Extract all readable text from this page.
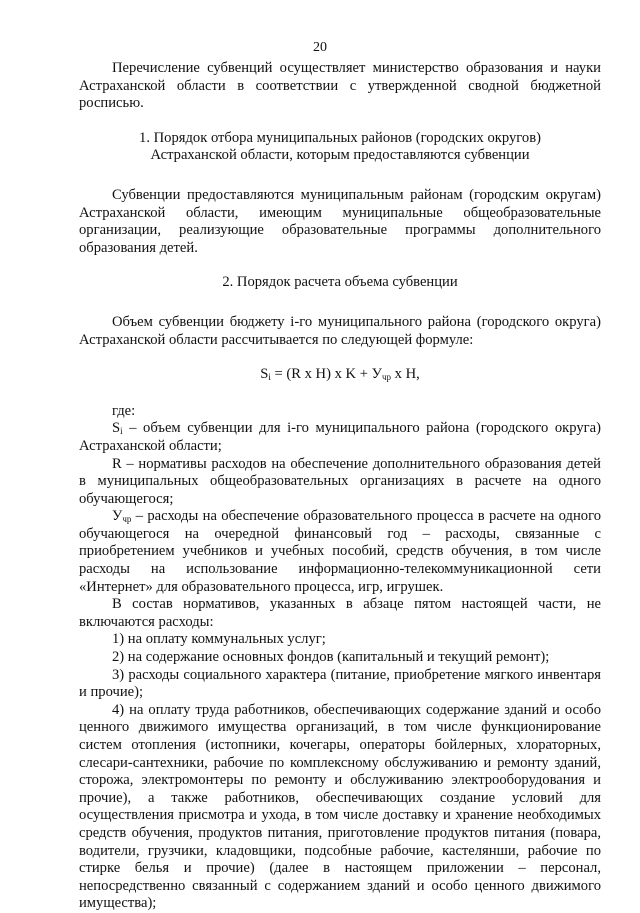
20

Перечисление субвенций осуществляет министерство образования и науки Астраханской области в соответствии с утвержденной сводной бюджетной росписью.

1. Порядок отбора муниципальных районов (городских округов)
Астраханской области, которым предоставляются субвенции

Субвенции предоставляются муниципальным районам (городским округам) Астраханской области, имеющим муниципальные общеобразовательные организации, реализующие образовательные программы дополнительного образования детей.

2. Порядок расчета объема субвенции

Объем субвенции бюджету i-го муниципального района (городского округа) Астраханской области рассчитывается по следующей формуле:

$S_i = (R$ x H) x $K + У_{чр}$ x H,

где:

$S_i$ – объем субвенции для i-го муниципального района (городского округа) Астраханской области;

R – нормативы расходов на обеспечение дополнительного образования детей в муниципальных общеобразовательных организациях в расчете на одного обучающегося;

$У_{чр}$ – расходы на обеспечение образовательного процесса в расчете на одного обучающегося на очередной финансовый год – расходы, связанные с приобретением учебников и учебных пособий, средств обучения, в том числе расходы на использование информационно-телекоммуникационной сети «Интернет» для образовательного процесса, игр, игрушек.

В состав нормативов, указанных в абзаце пятом настоящей части, не включаются расходы:

1) на оплату коммунальных услуг;

2) на содержание основных фондов (капитальный и текущий ремонт);

3) расходы социального характера (питание, приобретение мягкого инвентаря и прочие);

4) на оплату труда работников, обеспечивающих содержание зданий и особо ценного движимого имущества организаций, в том числе функционирование систем отопления (истопники, кочегары, операторы бойлерных, хлораторных, слесари-сантехники, рабочие по комплексному обслуживанию и ремонту зданий, сторожа, электромонтеры по ремонту и обслуживанию электрооборудования и прочие), а также работников, обеспечивающих создание условий для осуществления присмотра и ухода, в том числе доставку и хранение необходимых средств обучения, продуктов питания, приготовление продуктов питания (повара, водители, грузчики, кладовщики, подсобные рабочие, кастелянши, рабочие по стирке белья и прочие) (далее в настоящем приложении – персонал, непосредственно связанный с содержанием зданий и особо ценного движимого имущества);
